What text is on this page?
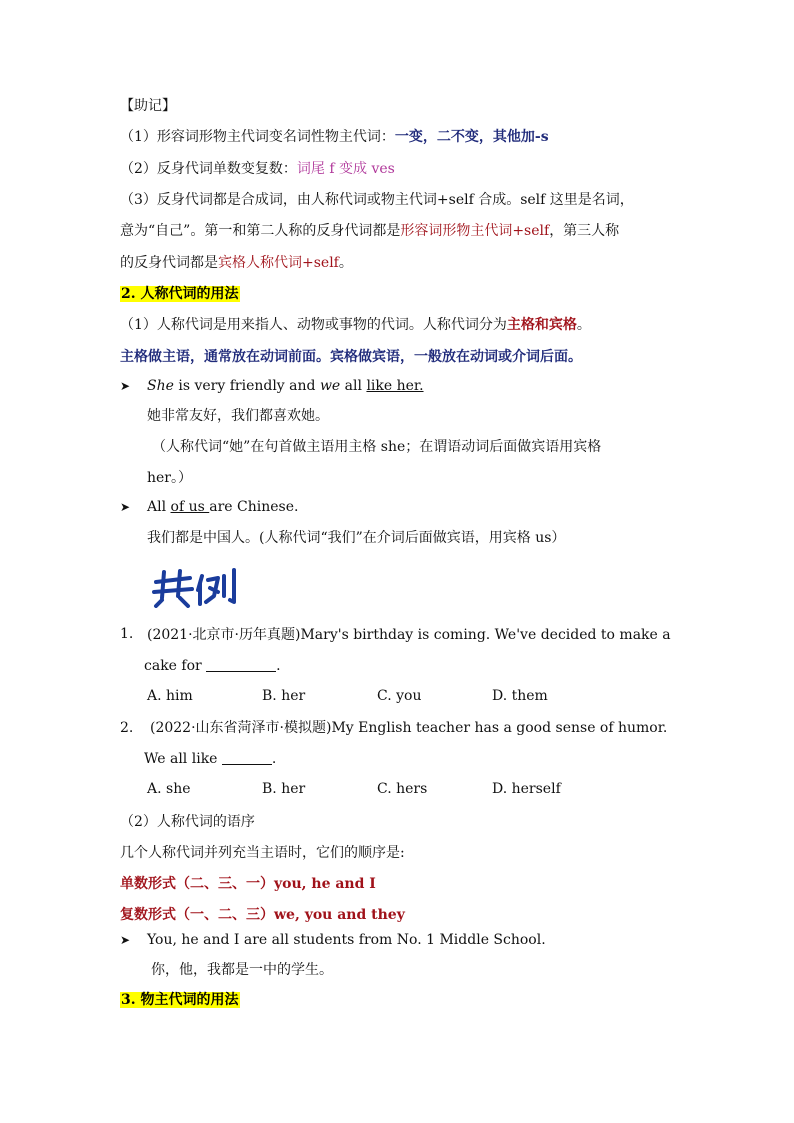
【助记】
（1）形容词形物主代词变名词性物主代词：一变，二不变，其他加-s
（2）反身代词单数变复数：词尾 f 变成 ves
（3）反身代词都是合成词，由人称代词或物主代词+self 合成。self 这里是名词，
意为“自己”。第一和第二人称的反身代词都是形容词形物主代词+self，第三人称
的反身代词都是宾格人称代词+self。
2. 人称代词的用法
（1）人称代词是用来指人、动物或事物的代词。人称代词分为主格和宾格。
主格做主语，通常放在动词前面。宾格做宾语，一般放在动词或介词后面。
➤ She is very friendly and we all like her.
她非常友好，我们都喜欢她。
（人称代词“她”在句首做主语用主格 she；在谓语动词后面做宾语用宾格
her。）
➤ All of us are Chinese.
我们都是中国人。(人称代词“我们”在介词后面做宾语，用宾格 us）
1. (2021·北京市·历年真题)Mary's birthday is coming. We've decided to make a
cake for	.
A. him	B. her	C. you	D. them
2. (2022·山东省菏泽市·模拟题)My English teacher has a good sense of humor.
We all like	.
A. she	B. her	C. hers	D. herself
（2）人称代词的语序
几个人称代词并列充当主语时，它们的顺序是:
单数形式（二、三、一）you, he and I
复数形式（一、二、三）we, you and they
➤ You, he and I are all students from No. 1 Middle School.
你，他，我都是一中的学生。
3. 物主代词的用法
